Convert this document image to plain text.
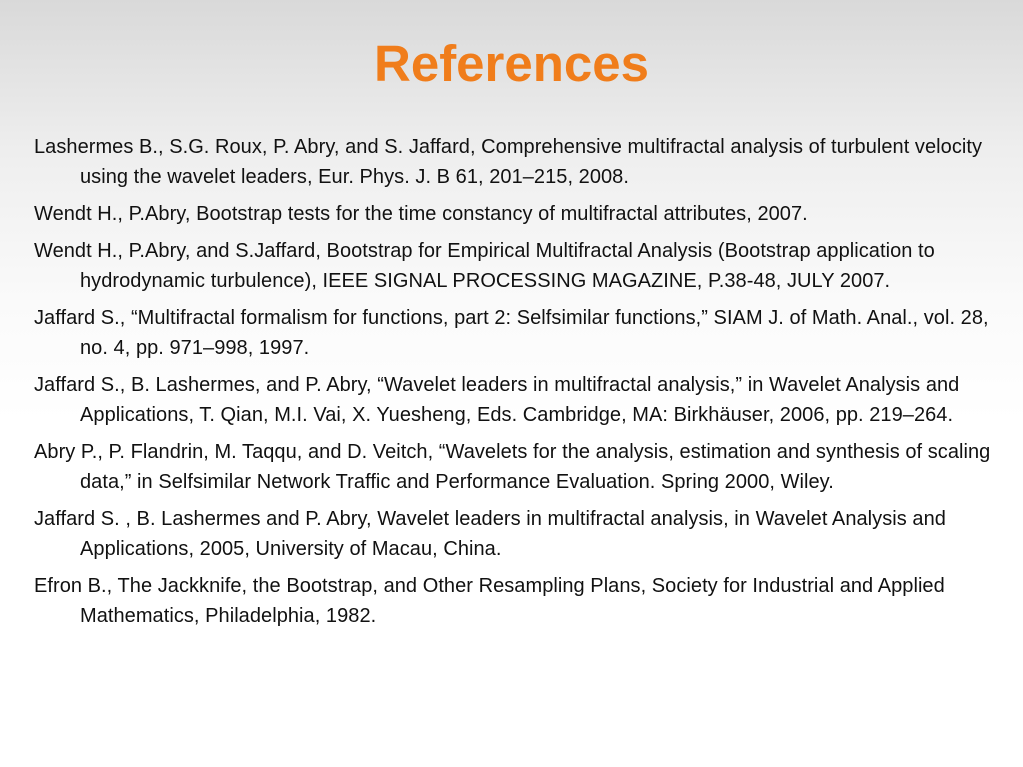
References
Lashermes B., S.G. Roux, P. Abry, and S. Jaffard, Comprehensive multifractal analysis of turbulent velocity using the wavelet leaders, Eur. Phys. J. B 61, 201–215, 2008.
Wendt H., P.Abry, Bootstrap tests for the time constancy of multifractal attributes, 2007.
Wendt H., P.Abry, and S.Jaffard, Bootstrap for Empirical Multifractal Analysis (Bootstrap application to hydrodynamic turbulence), IEEE SIGNAL PROCESSING MAGAZINE, P.38-48, JULY 2007.
Jaffard S., “Multifractal formalism for functions, part 2: Selfsimilar functions,” SIAM J. of Math. Anal., vol. 28, no. 4, pp. 971–998, 1997.
Jaffard S., B. Lashermes, and P. Abry, “Wavelet leaders in multifractal analysis,” in Wavelet Analysis and Applications, T. Qian, M.I. Vai, X. Yuesheng, Eds. Cambridge, MA: Birkhäuser, 2006, pp. 219–264.
Abry P., P. Flandrin, M. Taqqu, and D. Veitch, “Wavelets for the analysis, estimation and synthesis of scaling data,” in Selfsimilar Network Traffic and Performance Evaluation. Spring 2000, Wiley.
Jaffard S. , B. Lashermes and P. Abry, Wavelet leaders in multifractal analysis, in Wavelet Analysis and Applications, 2005, University of Macau, China.
Efron B., The Jackknife, the Bootstrap, and Other Resampling Plans, Society for Industrial and Applied Mathematics, Philadelphia, 1982.
